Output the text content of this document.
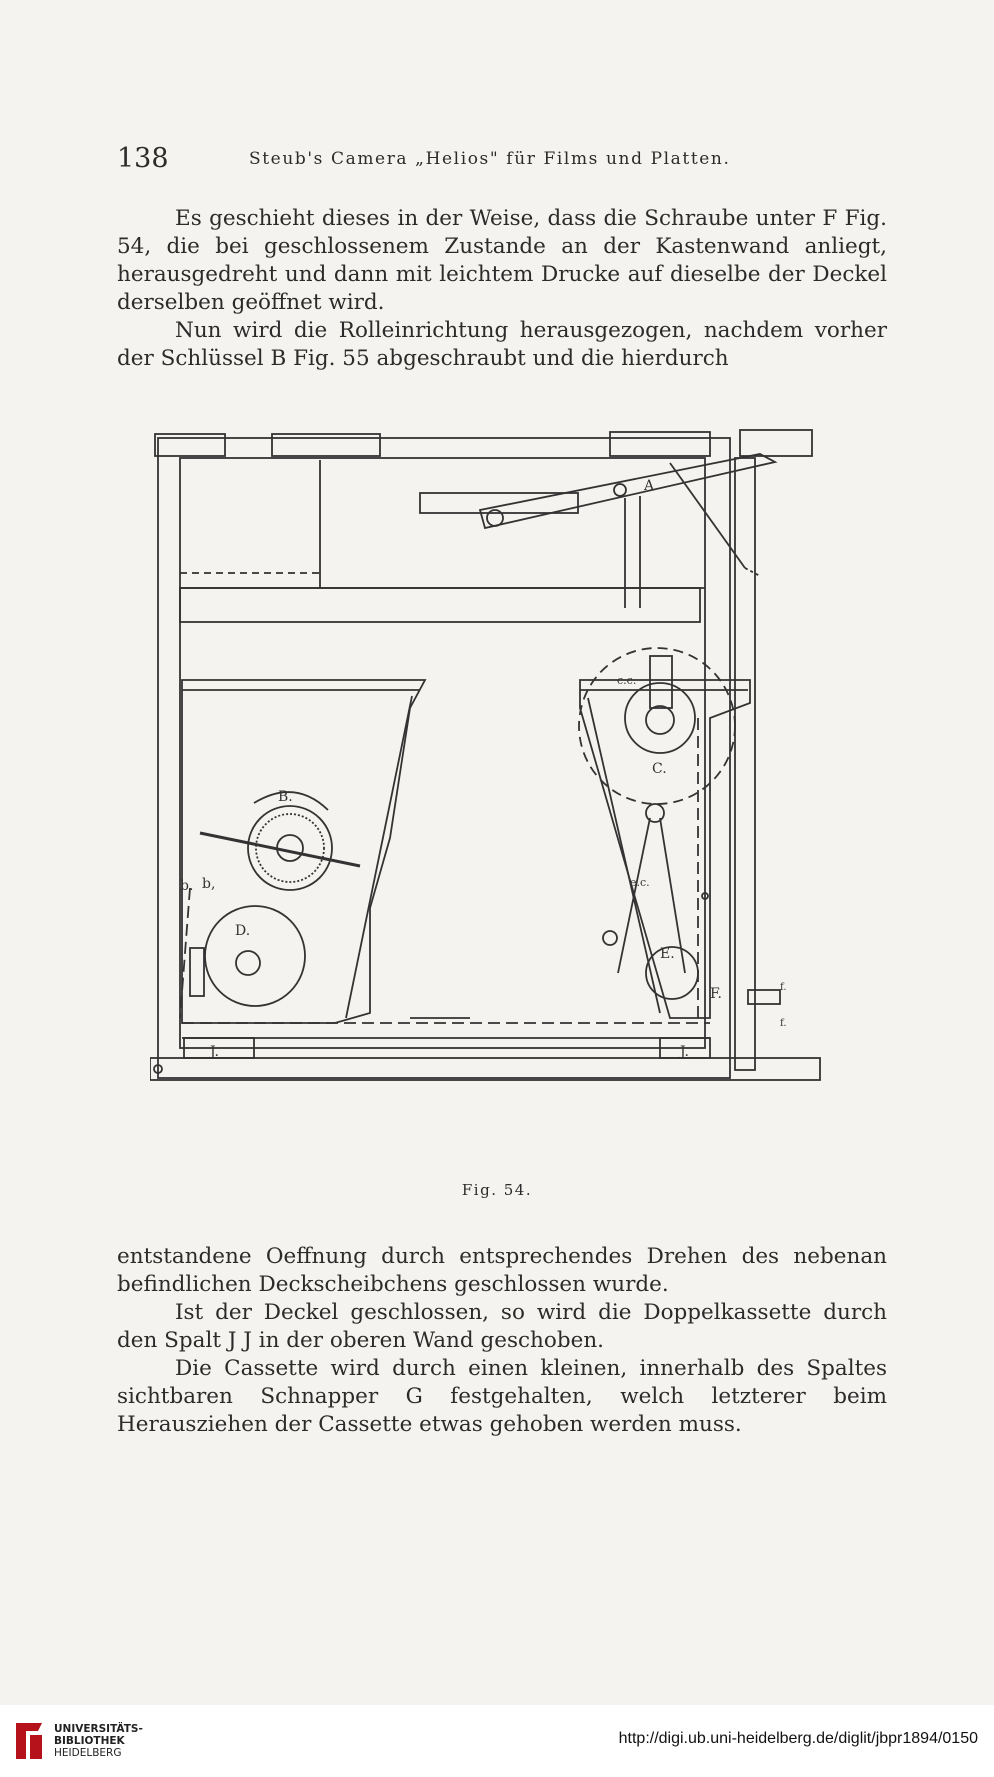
138	Steub's Camera „Helios" für Films und Platten.

Es geschieht dieses in der Weise, dass die Schraube unter F Fig. 54, die bei geschlossenem Zustande an der Kastenwand anliegt, herausgedreht und dann mit leichtem Drucke auf dieselbe der Deckel derselben geöffnet wird.

Nun wird die Rolleinrichtung herausgezogen, nachdem vorher der Schlüssel B Fig. 55 abgeschraubt und die hierdurch

A
B.
b. b,
D.
c.c.
C.
e.c.
E.
J.	J.
F.	f.
f.
Fig. 54.

entstandene Oeffnung durch entsprechendes Drehen des nebenan befindlichen Deckscheibchens geschlossen wurde.

Ist der Deckel geschlossen, so wird die Doppelkassette durch den Spalt J J in der oberen Wand geschoben.

Die Cassette wird durch einen kleinen, innerhalb des Spaltes sichtbaren Schnapper G festgehalten, welch letzterer beim Herausziehen der Cassette etwas gehoben werden muss.

UNIVERSITÄTS-
BIBLIOTHEK
HEIDELBERG
http://digi.ub.uni-heidelberg.de/diglit/jbpr1894/0150
